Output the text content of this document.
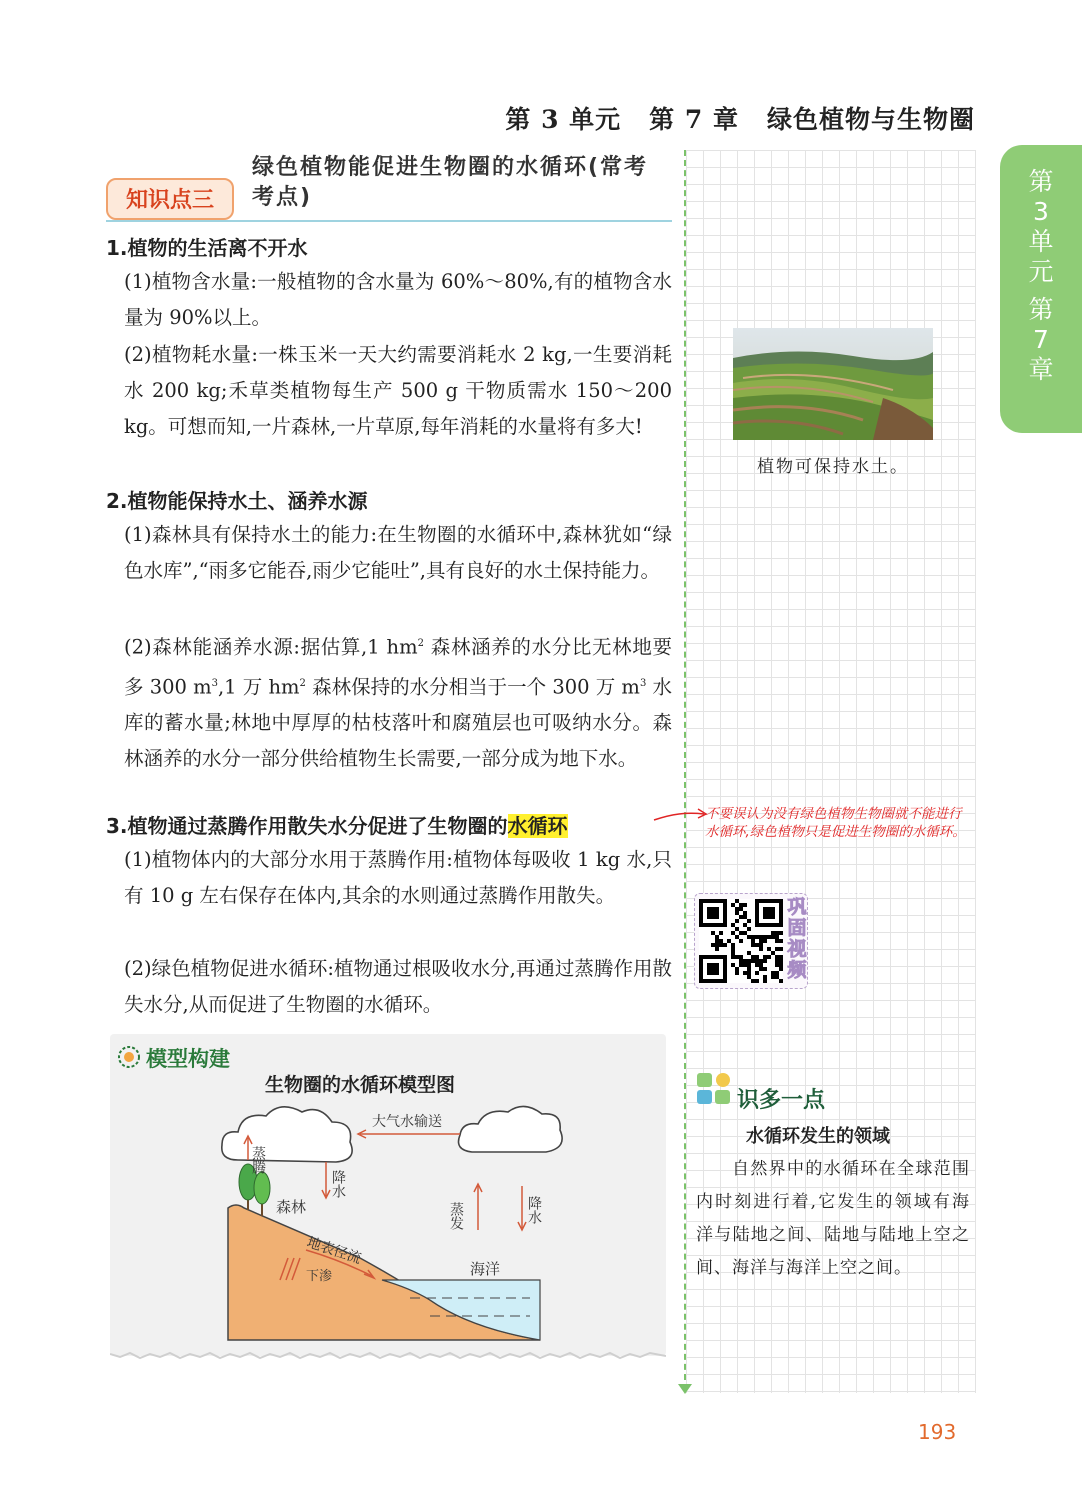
第 3 单元 第 7 章 绿色植物与生物圈
第
3
单
元
第
7
章
知识点三
绿色植物能促进生物圈的水循环(常考考点)
1.植物的生活离不开水
(1)植物含水量:一般植物的含水量为 60%～80%,有的植物含水量为 90%以上。
(2)植物耗水量:一株玉米一天大约需要消耗水 2 kg,一生要消耗水 200 kg;禾草类植物每生产 500 g 干物质需水 150～200 kg。可想而知,一片森林,一片草原,每年消耗的水量将有多大!
2.植物能保持水土、涵养水源
(1)森林具有保持水土的能力:在生物圈的水循环中,森林犹如“绿色水库”,“雨多它能吞,雨少它能吐”,具有良好的水土保持能力。
(2)森林能涵养水源:据估算,1 $hm^2$ 森林涵养的水分比无林地要多 300 $m^3,1$ 万 $hm^2$ 森林保持的水分相当于一个 300 万 $m^3$ 水库的蓄水量;林地中厚厚的枯枝落叶和腐殖层也可吸纳水分。森林涵养的水分一部分供给植物生长需要,一部分成为地下水。
3.植物通过蒸腾作用散失水分促进了生物圈的水循环
(1)植物体内的大部分水用于蒸腾作用:植物体每吸收 1 kg 水,只有 10 g 左右保存在体内,其余的水则通过蒸腾作用散失。
(2)绿色植物促进水循环:植物通过根吸收水分,再通过蒸腾作用散失水分,从而促进了生物圈的水循环。
不要误认为没有绿色植物生物圈就不能进行水循环,绿色植物只是促进生物圈的水循环。
植物可保持水土。
巩固视频
识多一点
水循环发生的领域
自然界中的水循环在全球范围内时刻进行着,它发生的领域有海洋与陆地之间、陆地与陆地上空之间、海洋与海洋上空之间。
模型构建
生物圈的水循环模型图
大气水输送
蒸腾
降水
森林
地表径流
下渗
蒸发	降水
海洋
193
